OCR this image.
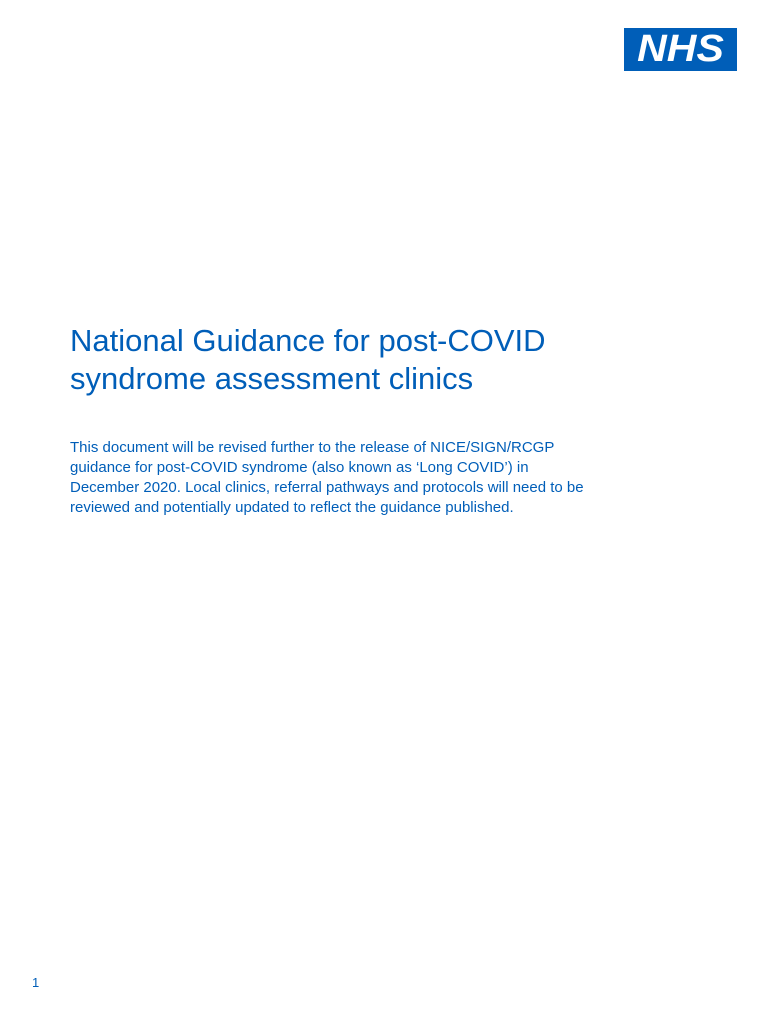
NHS
National Guidance for post-COVID
syndrome assessment clinics

This document will be revised further to the release of NICE/SIGN/RCGP
guidance for post-COVID syndrome (also known as ‘Long COVID’) in
December 2020. Local clinics, referral pathways and protocols will need to be
reviewed and potentially updated to reflect the guidance published.

1
